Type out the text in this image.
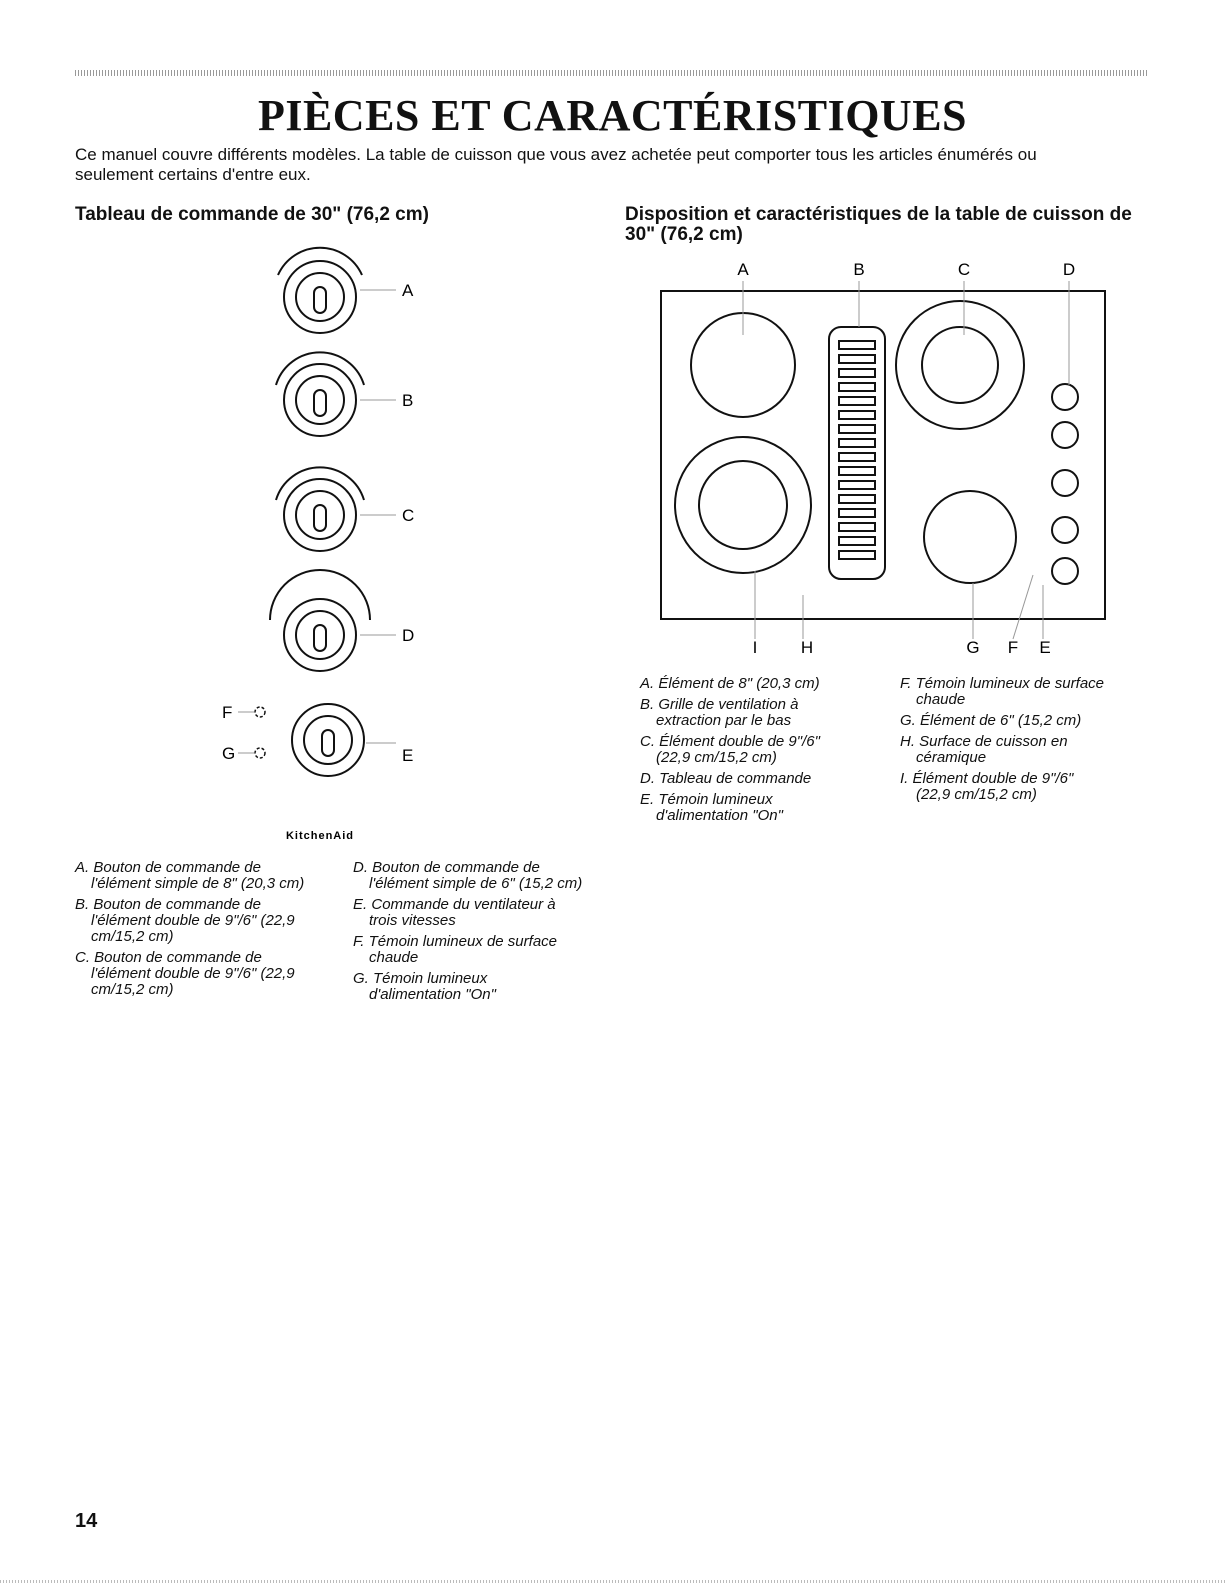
PIÈCES ET CARACTÉRISTIQUES
Ce manuel couvre différents modèles. La table de cuisson que vous avez achetée peut comporter tous les articles énumérés ou seulement certains d'entre eux.
Tableau de commande de 30" (76,2 cm)	Disposition et caractéristiques de la table de cuisson de
30" (76,2 cm)
A
B
C
D
E
F
G
KitchenAid
A. Bouton de commande de
l'élément simple de 8" (20,3 cm)
B. Bouton de commande de
l'élément double de 9"/6" (22,9 cm/15,2 cm)
C. Bouton de commande de
l'élément double de 9"/6" (22,9 cm/15,2 cm)
D. Bouton de commande de
l'élément simple de 6" (15,2 cm)
E. Commande du ventilateur à
trois vitesses
F. Témoin lumineux de surface
chaude
G. Témoin lumineux
d'alimentation "On"
A	B	C	D
I	H	G F E
A. Élément de 8" (20,3 cm)
B. Grille de ventilation à
extraction par le bas
C. Élément double de 9"/6"
(22,9 cm/15,2 cm)
D. Tableau de commande
E. Témoin lumineux
d'alimentation "On"
F. Témoin lumineux de surface
chaude
G. Élément de 6" (15,2 cm)
H. Surface de cuisson en
céramique
I. Élément double de 9"/6"
(22,9 cm/15,2 cm)
14
